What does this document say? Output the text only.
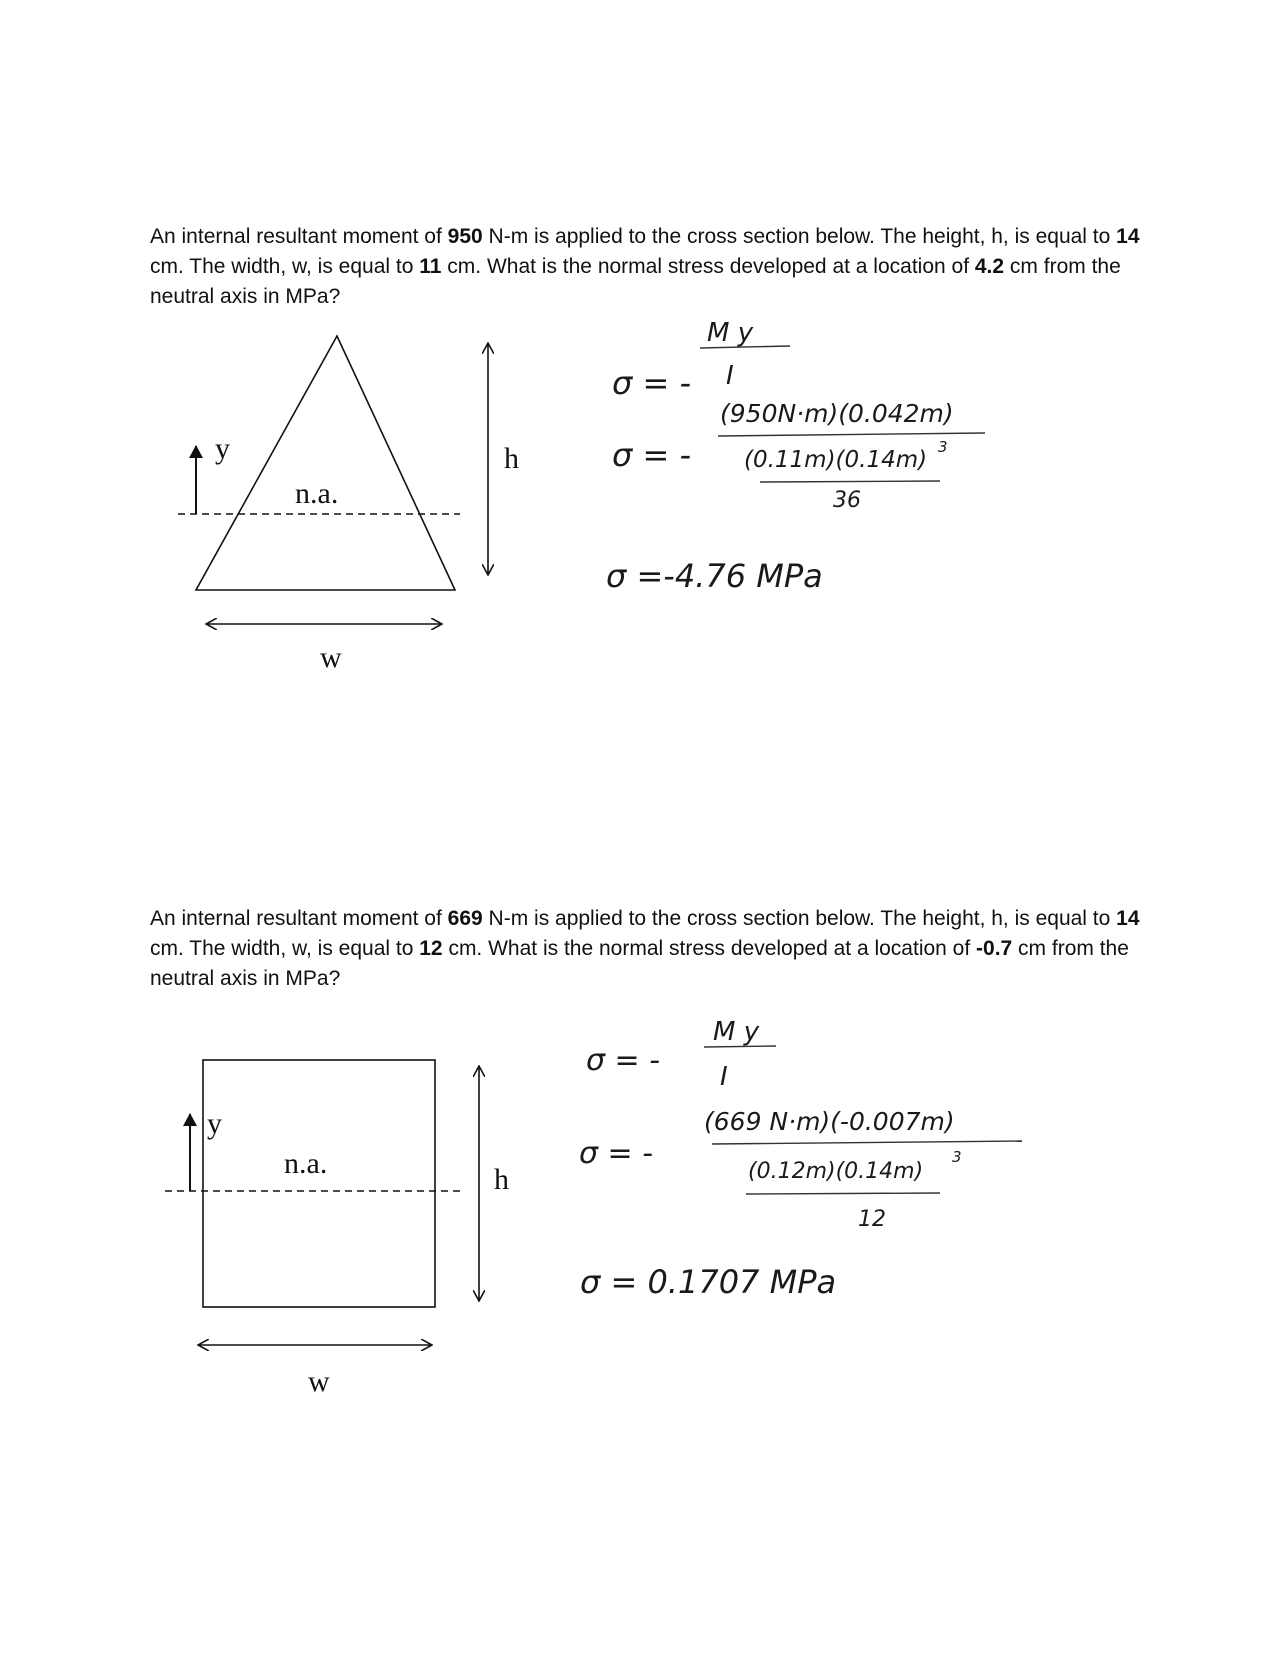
y
n.a.
h
w
σ = -
M y
I
σ = -
(950N·m)(0.042m)
(0.11m)(0.14m) 3
36
σ =-4.76 MPa
y
n.a.	h
w
σ = -
M y
I
σ = -
(669 N·m)(-0.007m)
(0.12m)(0.14m)
3
12
σ = 0.1707 MPa

An internal resultant moment of 950 N-m is applied to the cross section below. The height, h, is equal to 14 cm. The width, w, is equal to 11 cm. What is the normal stress developed at a location of 4.2 cm from the neutral axis in MPa?

An internal resultant moment of 669 N-m is applied to the cross section below. The height, h, is equal to 14 cm. The width, w, is equal to 12 cm. What is the normal stress developed at a location of -0.7 cm from the neutral axis in MPa?
